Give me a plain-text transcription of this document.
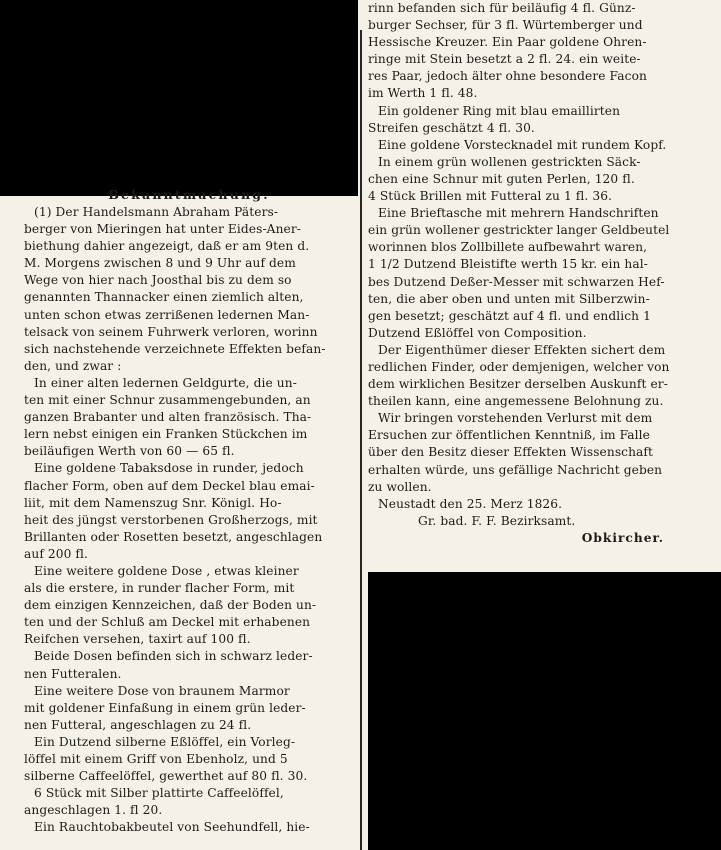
Bekanntmachung.
(1) Der Handelsmann Abraham Päters-
berger von Mieringen hat unter Eides-Aner-
biethung dahier angezeigt, daß er am 9ten d.
M. Morgens zwischen 8 und 9 Uhr auf dem
Wege von hier nach Joosthal bis zu dem so
genannten Thannacker einen ziemlich alten,
unten schon etwas zerrißenen ledernen Man-
telsack von seinem Fuhrwerk verloren, worinn
sich nachstehende verzeichnete Effekten befan-
den, und zwar :
In einer alten ledernen Geldgurte, die un-
ten mit einer Schnur zusammengebunden, an
ganzen Brabanter und alten französisch. Tha-
lern nebst einigen ein Franken Stückchen im
beiläufigen Werth von 60 — 65 fl.
Eine goldene Tabaksdose in runder, jedoch
flacher Form, oben auf dem Deckel blau emai-
liit, mit dem Namenszug Snr. Königl. Ho-
heit des jüngst verstorbenen Großherzogs, mit
Brillanten oder Rosetten besetzt, angeschlagen
auf 200 fl.
Eine weitere goldene Dose , etwas kleiner
als die erstere, in runder flacher Form, mit
dem einzigen Kennzeichen, daß der Boden un-
ten und der Schluß am Deckel mit erhabenen
Reifchen versehen, taxirt auf 100 fl.
Beide Dosen befinden sich in schwarz leder-
nen Futteralen.
Eine weitere Dose von braunem Marmor
mit goldener Einfaßung in einem grün leder-
nen Futteral, angeschlagen zu 24 fl.
Ein Dutzend silberne Eßlöffel, ein Vorleg-
löffel mit einem Griff von Ebenholz, und 5
silberne Caffeelöffel, gewerthet auf 80 fl. 30.
6 Stück mit Silber plattirte Caffeelöffel,
angeschlagen 1. fl 20.
Ein Rauchtobakbeutel von Seehundfell, hie-
rinn befanden sich für beiläufig 4 fl. Günz-
burger Sechser, für 3 fl. Würtemberger und
Hessische Kreuzer. Ein Paar goldene Ohren-
ringe mit Stein besetzt a 2 fl. 24. ein weite-
res Paar, jedoch älter ohne besondere Facon
im Werth 1 fl. 48.
Ein goldener Ring mit blau emaillirten
Streifen geschätzt 4 fl. 30.
Eine goldene Vorstecknadel mit rundem Kopf.
In einem grün wollenen gestrickten Säck-
chen eine Schnur mit guten Perlen, 120 fl.
4 Stück Brillen mit Futteral zu 1 fl. 36.
Eine Brieftasche mit mehrern Handschriften
ein grün wollener gestrickter langer Geldbeutel
worinnen blos Zollbillete aufbewahrt waren,
1 1/2 Dutzend Bleistifte werth 15 kr. ein hal-
bes Dutzend Deßer-Messer mit schwarzen Hef-
ten, die aber oben und unten mit Silberzwin-
gen besetzt; geschätzt auf 4 fl. und endlich 1
Dutzend Eßlöffel von Composition.
Der Eigenthümer dieser Effekten sichert dem
redlichen Finder, oder demjenigen, welcher von
dem wirklichen Besitzer derselben Auskunft er-
theilen kann, eine angemessene Belohnung zu.
Wir bringen vorstehenden Verlurst mit dem
Ersuchen zur öffentlichen Kenntniß, im Falle
über den Besitz dieser Effekten Wissenschaft
erhalten würde, uns gefällige Nachricht geben
zu wollen.
Neustadt den 25. Merz 1826.
Gr. bad. F. F. Bezirksamt.
Obkircher.
